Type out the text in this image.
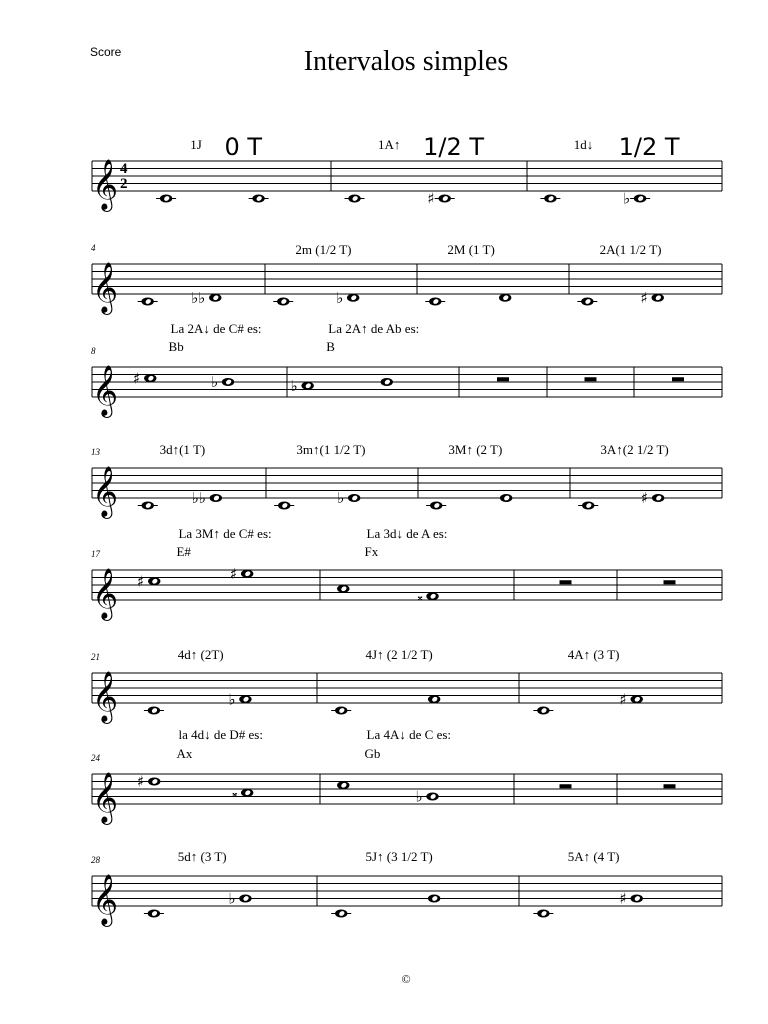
Score	Intervalos simples
𝄞 4
2
1J 0 T	1A↑ 1/2 T
♯
1d↓ 1/2 T
♭
𝄞
4
♭♭
2m (1/2 T)
♭
2M (1 T)	2A(1 1/2 T)
♯
𝄞
8
La 2A↓ de C# es:
Bb
♯	♭
La 2A↑ de Ab es:
B
♭
𝄞
13	3d↑(1 T)
♭♭
3m↑(1 1/2 T)
♭
3M↑ (2 T)	3A↑(2 1/2 T)
♯
𝄞
17
La 3M↑ de C# es:
E#
♯	♯
La 3d↓ de A es:
Fx
𝄪
𝄞
21	4d↑ (2T)
♭
4J↑ (2 1/2 T)	4A↑ (3 T)
♯
𝄞
24
la 4d↓ de D# es:
Ax
♯
𝄪
La 4A↓ de C es:
Gb
♭
𝄞
28	5d↑ (3 T)
♭
5J↑ (3 1/2 T)	5A↑ (4 T)
♯
©
